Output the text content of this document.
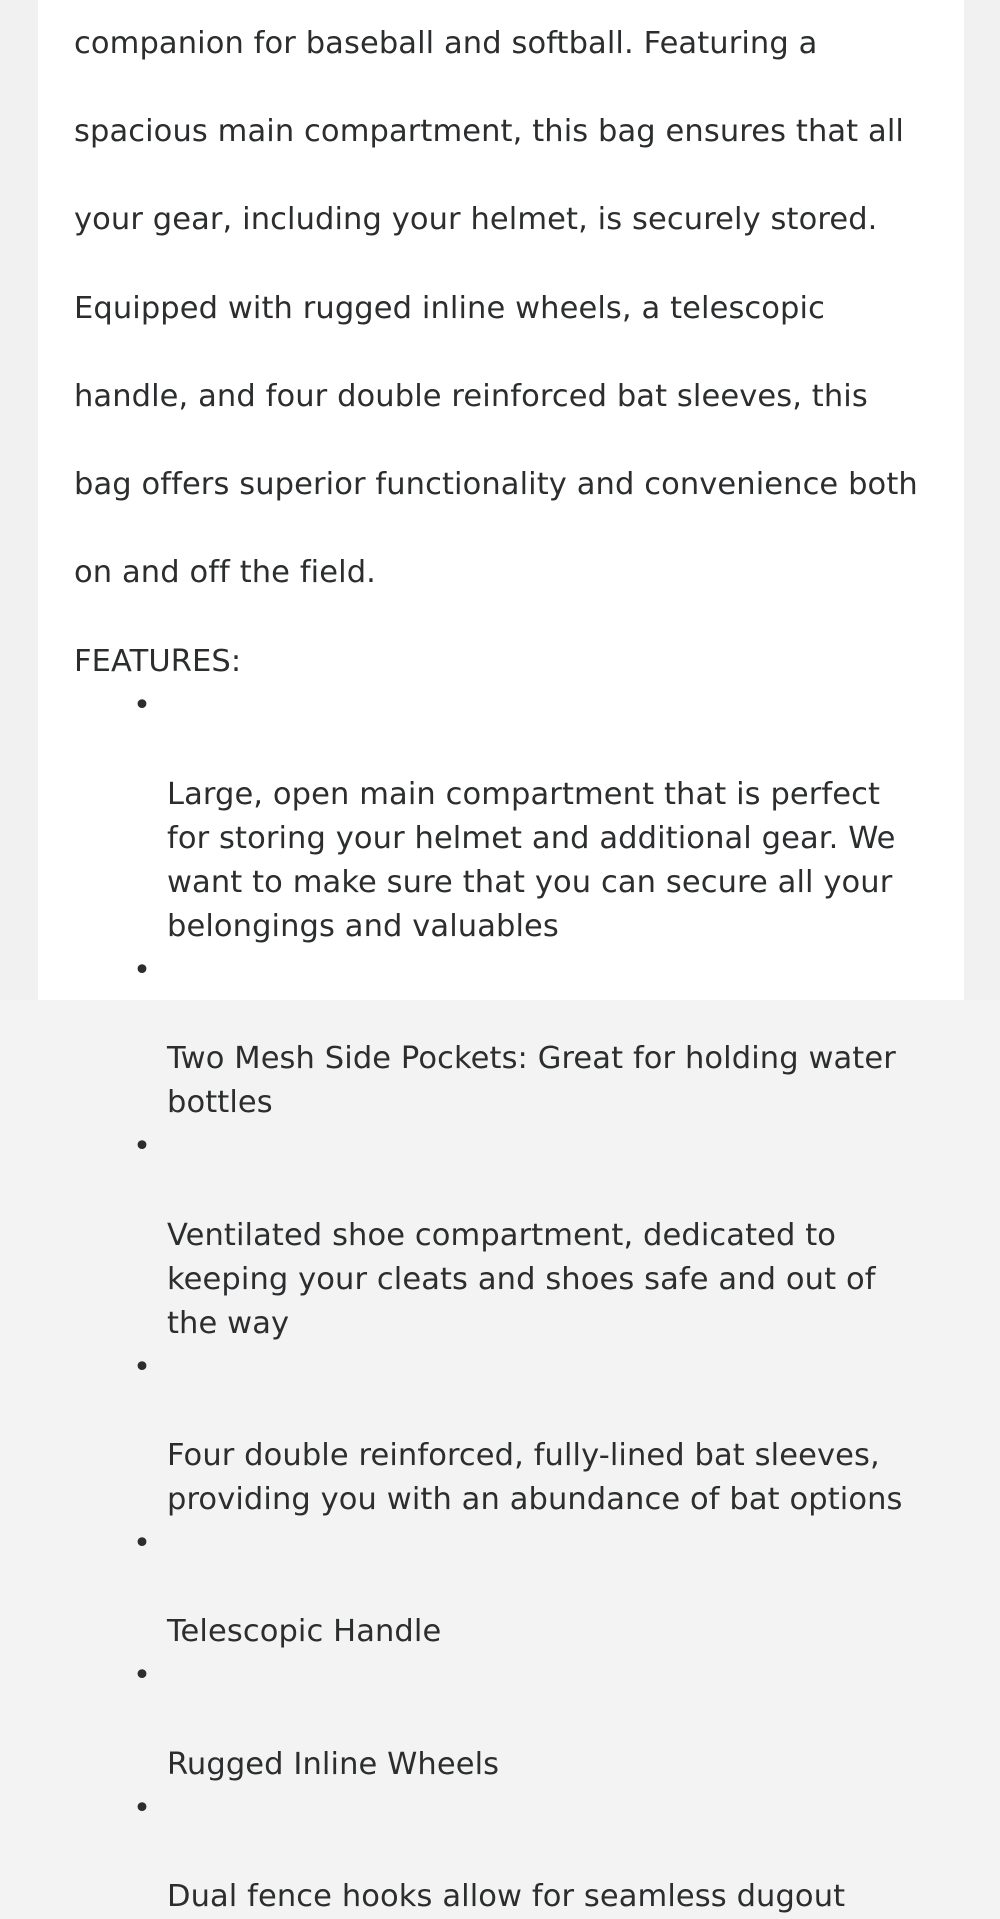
companion for baseball and softball. Featuring a

spacious main compartment, this bag ensures that all

your gear, including your helmet, is securely stored.

Equipped with rugged inline wheels, a telescopic

handle, and four double reinforced bat sleeves, this

bag offers superior functionality and convenience both

on and off the field.

FEATURES:

•

Large, open main compartment that is perfect
for storing your helmet and additional gear. We
want to make sure that you can secure all your
belongings and valuables

•

Two Mesh Side Pockets: Great for holding water
bottles

•

Ventilated shoe compartment, dedicated to
keeping your cleats and shoes safe and out of
the way

•

Four double reinforced, fully-lined bat sleeves,
providing you with an abundance of bat options

•

Telescopic Handle

•

Rugged Inline Wheels

•

Dual fence hooks allow for seamless dugout
